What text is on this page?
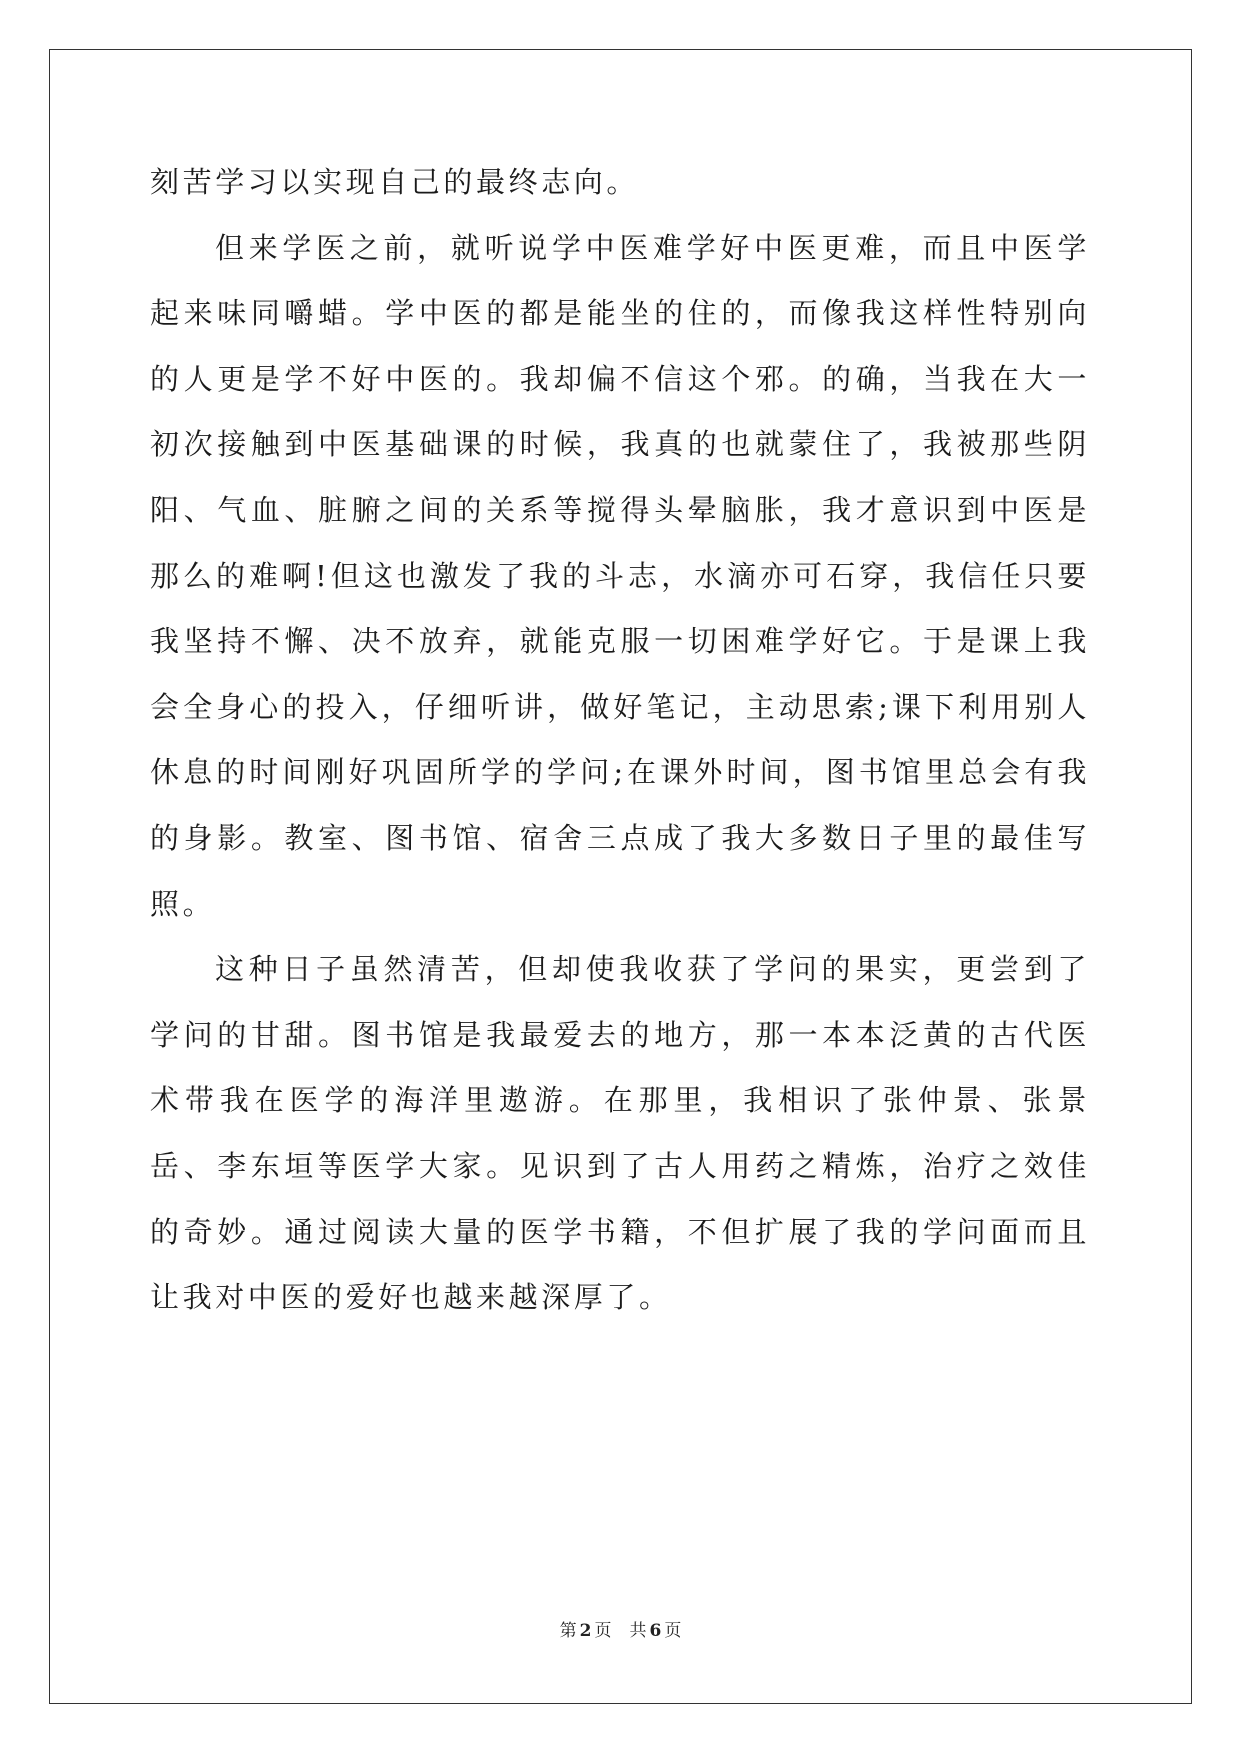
刻苦学习以实现自己的最终志向。

但来学医之前，就听说学中医难学好中医更难，而且中医学起来味同嚼蜡。学中医的都是能坐的住的，而像我这样性特别向的人更是学不好中医的。我却偏不信这个邪。的确，当我在大一初次接触到中医基础课的时候，我真的也就蒙住了，我被那些阴阳、气血、脏腑之间的关系等搅得头晕脑胀，我才意识到中医是那么的难啊!但这也激发了我的斗志，水滴亦可石穿，我信任只要我坚持不懈、决不放弃，就能克服一切困难学好它。于是课上我会全身心的投入，仔细听讲，做好笔记，主动思索;课下利用别人休息的时间刚好巩固所学的学问;在课外时间，图书馆里总会有我的身影。教室、图书馆、宿舍三点成了我大多数日子里的最佳写照。

这种日子虽然清苦，但却使我收获了学问的果实，更尝到了学问的甘甜。图书馆是我最爱去的地方，那一本本泛黄的古代医术带我在医学的海洋里遨游。在那里，我相识了张仲景、张景岳、李东垣等医学大家。见识到了古人用药之精炼，治疗之效佳的奇妙。通过阅读大量的医学书籍，不但扩展了我的学问面而且让我对中医的爱好也越来越深厚了。

第 2 页 共 6 页
